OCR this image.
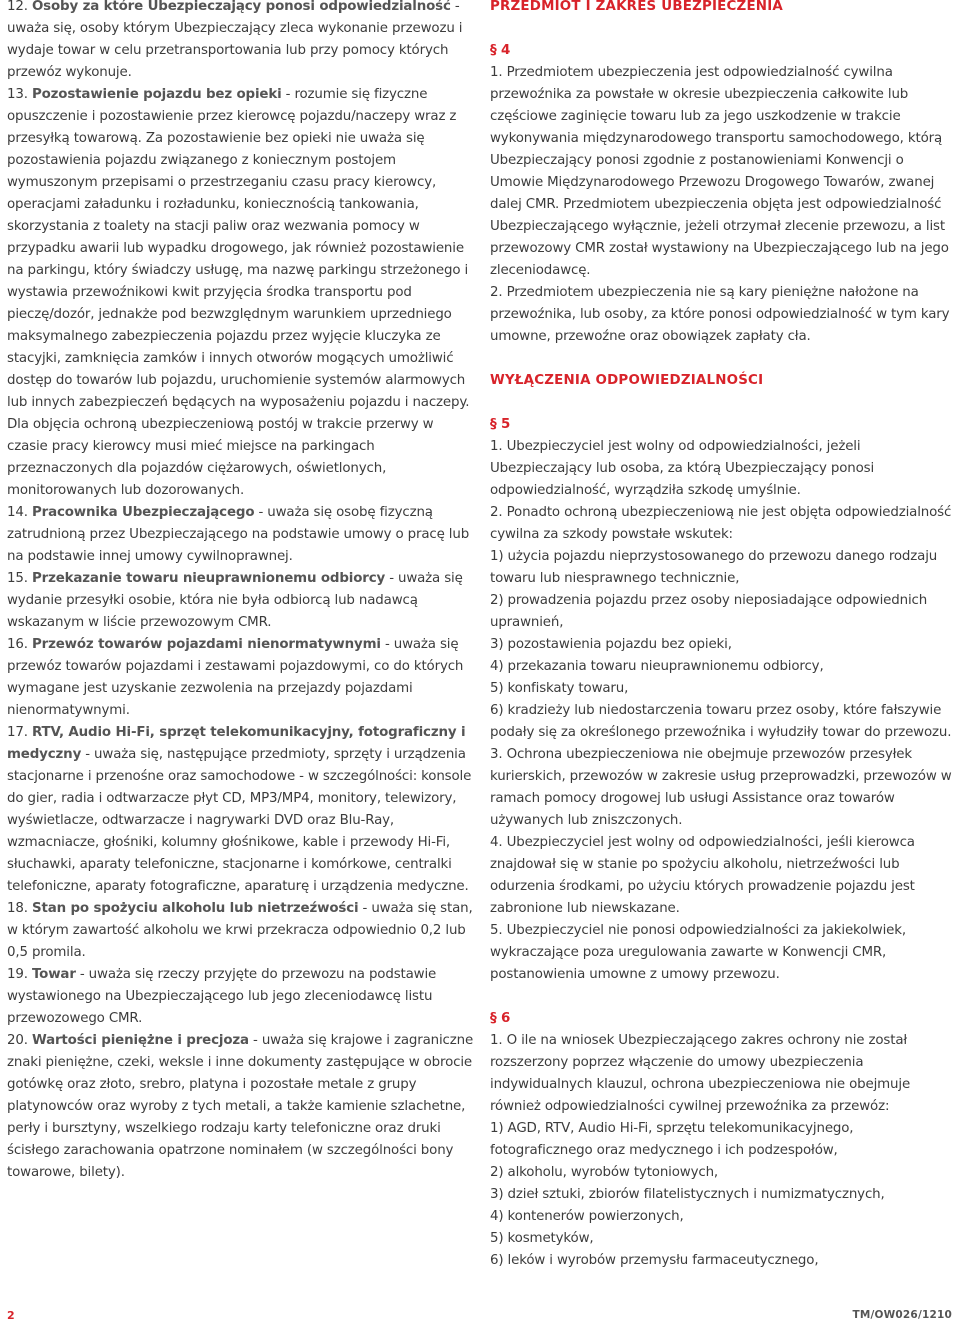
12. Osoby za które Ubezpieczający ponosi odpowiedzialność - uważa się, osoby którym Ubezpieczający zleca wykonanie przewozu i wydaje towar w celu przetransportowania lub przy pomocy których przewóz wykonuje.

13. Pozostawienie pojazdu bez opieki - rozumie się fizyczne opuszczenie i pozostawienie przez kierowcę pojazdu/naczepy wraz z przesyłką towarową. Za pozostawienie bez opieki nie uważa się pozostawienia pojazdu związanego z koniecznym postojem wymuszonym przepisami o przestrzeganiu czasu pracy kierowcy, operacjami załadunku i rozładunku, koniecznością tankowania, skorzystania z toalety na stacji paliw oraz wezwania pomocy w przypadku awarii lub wypadku drogowego, jak również pozostawienie na parkingu, który świadczy usługę, ma nazwę parkingu strzeżonego i wystawia przewoźnikowi kwit przyjęcia środka transportu pod pieczę/dozór, jednakże pod bezwzględnym warunkiem uprzedniego maksymalnego zabezpieczenia pojazdu przez wyjęcie kluczyka ze stacyjki, zamknięcia zamków i innych otworów mogących umożliwić dostęp do towarów lub pojazdu, uruchomienie systemów alarmowych lub innych zabezpieczeń będących na wyposażeniu pojazdu i naczepy. Dla objęcia ochroną ubezpieczeniową postój w trakcie przerwy w czasie pracy kierowcy musi mieć miejsce na parkingach przeznaczonych dla pojazdów ciężarowych, oświetlonych, monitorowanych lub dozorowanych.

14. Pracownika Ubezpieczającego - uważa się osobę fizyczną zatrudnioną przez Ubezpieczającego na podstawie umowy o pracę lub na podstawie innej umowy cywilnoprawnej.

15. Przekazanie towaru nieuprawnionemu odbiorcy - uważa się wydanie przesyłki osobie, która nie była odbiorcą lub nadawcą wskazanym w liście przewozowym CMR.

16. Przewóz towarów pojazdami nienormatywnymi - uważa się przewóz towarów pojazdami i zestawami pojazdowymi, co do których wymagane jest uzyskanie zezwolenia na przejazdy pojazdami nienormatywnymi.

17. RTV, Audio Hi-Fi, sprzęt telekomunikacyjny, fotograficzny i medyczny - uważa się, następujące przedmioty, sprzęty i urządzenia stacjonarne i przenośne oraz samochodowe - w szczególności: konsole do gier, radia i odtwarzacze płyt CD, MP3/MP4, monitory, telewizory, wyświetlacze, odtwarzacze i nagrywarki DVD oraz Blu-Ray, wzmacniacze, głośniki, kolumny głośnikowe, kable i przewody Hi-Fi, słuchawki, aparaty telefoniczne, stacjonarne i komórkowe, centralki telefoniczne, aparaty fotograficzne, aparaturę i urządzenia medyczne.

18. Stan po spożyciu alkoholu lub nietrzeźwości - uważa się stan, w którym zawartość alkoholu we krwi przekracza odpowiednio 0,2 lub 0,5 promila.

19. Towar - uważa się rzeczy przyjęte do przewozu na podstawie wystawionego na Ubezpieczającego lub jego zleceniodawcę listu przewozowego CMR.

20. Wartości pieniężne i precjoza - uważa się krajowe i zagraniczne znaki pieniężne, czeki, weksle i inne dokumenty zastępujące w obrocie gotówkę oraz złoto, srebro, platyna i pozostałe metale z grupy platynowców oraz wyroby z tych metali, a także kamienie szlachetne, perły i bursztyny, wszelkiego rodzaju karty telefoniczne oraz druki ścisłego zarachowania opatrzone nominałem (w szczególności bony towarowe, bilety).

PRZEDMIOT I ZAKRES UBEZPIECZENIA

§ 4

1. Przedmiotem ubezpieczenia jest odpowiedzialność cywilna przewoźnika za powstałe w okresie ubezpieczenia całkowite lub częściowe zaginięcie towaru lub za jego uszkodzenie w trakcie wykonywania międzynarodowego transportu samochodowego, którą Ubezpieczający ponosi zgodnie z postanowieniami Konwencji o Umowie Międzynarodowego Przewozu Drogowego Towarów, zwanej dalej CMR. Przedmiotem ubezpieczenia objęta jest odpowiedzialność Ubezpieczającego wyłącznie, jeżeli otrzymał zlecenie przewozu, a list przewozowy CMR został wystawiony na Ubezpieczającego lub na jego zleceniodawcę.

2. Przedmiotem ubezpieczenia nie są kary pieniężne nałożone na przewoźnika, lub osoby, za które ponosi odpowiedzialność w tym kary umowne, przewoźne oraz obowiązek zapłaty cła.

WYŁĄCZENIA ODPOWIEDZIALNOŚCI

§ 5

1. Ubezpieczyciel jest wolny od odpowiedzialności, jeżeli Ubezpieczający lub osoba, za którą Ubezpieczający ponosi odpowiedzialność, wyrządziła szkodę umyślnie.

2. Ponadto ochroną ubezpieczeniową nie jest objęta odpowiedzialność cywilna za szkody powstałe wskutek:

1) użycia pojazdu nieprzystosowanego do przewozu danego rodzaju towaru lub niesprawnego technicznie,

2) prowadzenia pojazdu przez osoby nieposiadające odpowiednich uprawnień,

3) pozostawienia pojazdu bez opieki,

4) przekazania towaru nieuprawnionemu odbiorcy,

5) konfiskaty towaru,

6) kradzieży lub niedostarczenia towaru przez osoby, które fałszywie podały się za określonego przewoźnika i wyłudziły towar do przewozu.

3. Ochrona ubezpieczeniowa nie obejmuje przewozów przesyłek kurierskich, przewozów w zakresie usług przeprowadzki, przewozów w ramach pomocy drogowej lub usługi Assistance oraz towarów używanych lub zniszczonych.

4. Ubezpieczyciel jest wolny od odpowiedzialności, jeśli kierowca znajdował się w stanie po spożyciu alkoholu, nietrzeźwości lub odurzenia środkami, po użyciu których prowadzenie pojazdu jest zabronione lub niewskazane.

5. Ubezpieczyciel nie ponosi odpowiedzialności za jakiekolwiek, wykraczające poza uregulowania zawarte w Konwencji CMR, postanowienia umowne z umowy przewozu.

§ 6

1. O ile na wniosek Ubezpieczającego zakres ochrony nie został rozszerzony poprzez włączenie do umowy ubezpieczenia indywidualnych klauzul, ochrona ubezpieczeniowa nie obejmuje również odpowiedzialności cywilnej przewoźnika za przewóz:

1) AGD, RTV, Audio Hi-Fi, sprzętu telekomunikacyjnego, fotograficznego oraz medycznego i ich podzespołów,

2) alkoholu, wyrobów tytoniowych,

3) dzieł sztuki, zbiorów filatelistycznych i numizmatycznych,

4) kontenerów powierzonych,

5) kosmetyków,

6) leków i wyrobów przemysłu farmaceutycznego,

2	TM/OW026/1210
